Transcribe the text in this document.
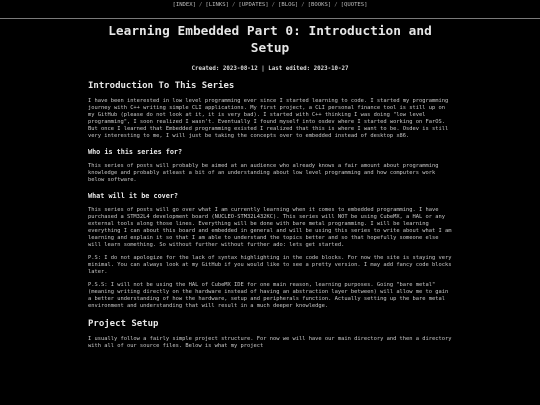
[INDEX] / [LINKS] / [UPDATES] / [BLOG] / [BOOKS] / [QUOTES]
Learning Embedded Part 0: Introduction and Setup
Created: 2023-08-12 | Last edited: 2023-10-27
Introduction To This Series

I have been interested in low level programming ever since I started learning to code. I started my programming journey with C++ writing simple CLI applications. My first project, a CLI personal finance tool is still up on my GitHub (please do not look at it, it is very bad). I started with C++ thinking I was doing "low level programming", I soon realized I wasn't. Eventually I found myself into osdev where I started working on FarOS. But once I learned that Embedded programming existed I realized that this is where I want to be. Osdev is still very interesting to me, I will just be taking the concepts over to embedded instead of desktop x86.

Who is this series for?

This series of posts will probably be aimed at an audience who already knows a fair amount about programming knowledge and probably atleast a bit of an understanding about low level programming and how computers work below software.

What will it be cover?

This series of posts will go over what I am currently learning when it comes to embedded programming. I have purchased a STM32L4 development board (NUCLEO-STM32L432KC). This series will NOT be using CubeMX, a HAL or any external tools along those lines. Everything will be done with bare metal programming. I will be learning everything I can about this board and embedded in general and will be using this series to write about what I am learning and explain it so that I am able to understand the topics better and so that hopefully someone else will learn something. So without further without further ado: lets get started.

P.S: I do not apologize for the lack of syntax highlighting in the code blocks. For now the site is staying very minimal. You can always look at my GitHub if you would like to see a pretty version. I may add fancy code blocks later.

P.S.S: I will not be using the HAL of CubeMX IDE for one main reason, learning purposes. Going "bare metal" (meaning writing directly on the hardware instead of having an abstraction layer between) will allow me to gain a better understanding of how the hardware, setup and peripherals function. Actually setting up the bare metal environment and understanding that will result in a much deeper knowledge.

Project Setup

I usually follow a fairly simple project structure. For now we will have our main directory and then a directory with all of our source files. Below is what my project
